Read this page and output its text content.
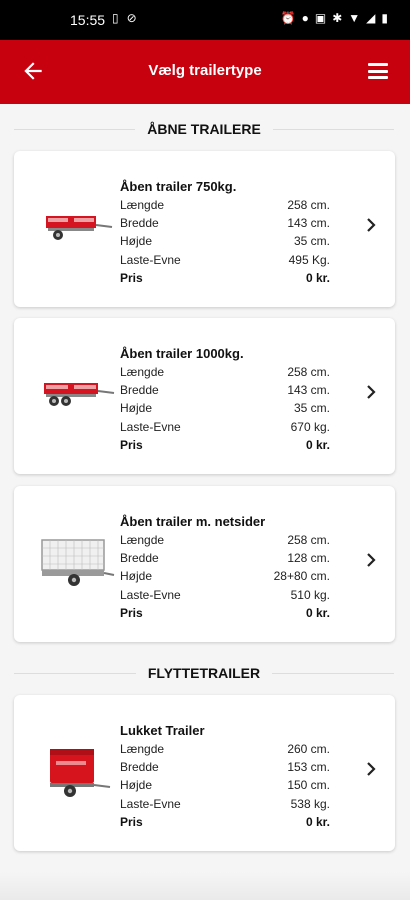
15:55 ▯ ⊘	⏰ ● ▣ ✱ ▼ ◢ ▮
Vælg trailertype
ÅBNE TRAILERE
Åben trailer 750kg.
Længde	258 cm.
Bredde	143 cm.
Højde	35 cm.
Laste-Evne	495 Kg.
Pris	0 kr.
Åben trailer 1000kg.
Længde	258 cm.
Bredde	143 cm.
Højde	35 cm.
Laste-Evne	670 kg.
Pris	0 kr.
Åben trailer m. netsider
Længde	258 cm.
Bredde	128 cm.
Højde	28+80 cm.
Laste-Evne	510 kg.
Pris	0 kr.
FLYTTETRAILER
Lukket Trailer
Længde	260 cm.
Bredde	153 cm.
Højde	150 cm.
Laste-Evne	538 kg.
Pris	0 kr.
